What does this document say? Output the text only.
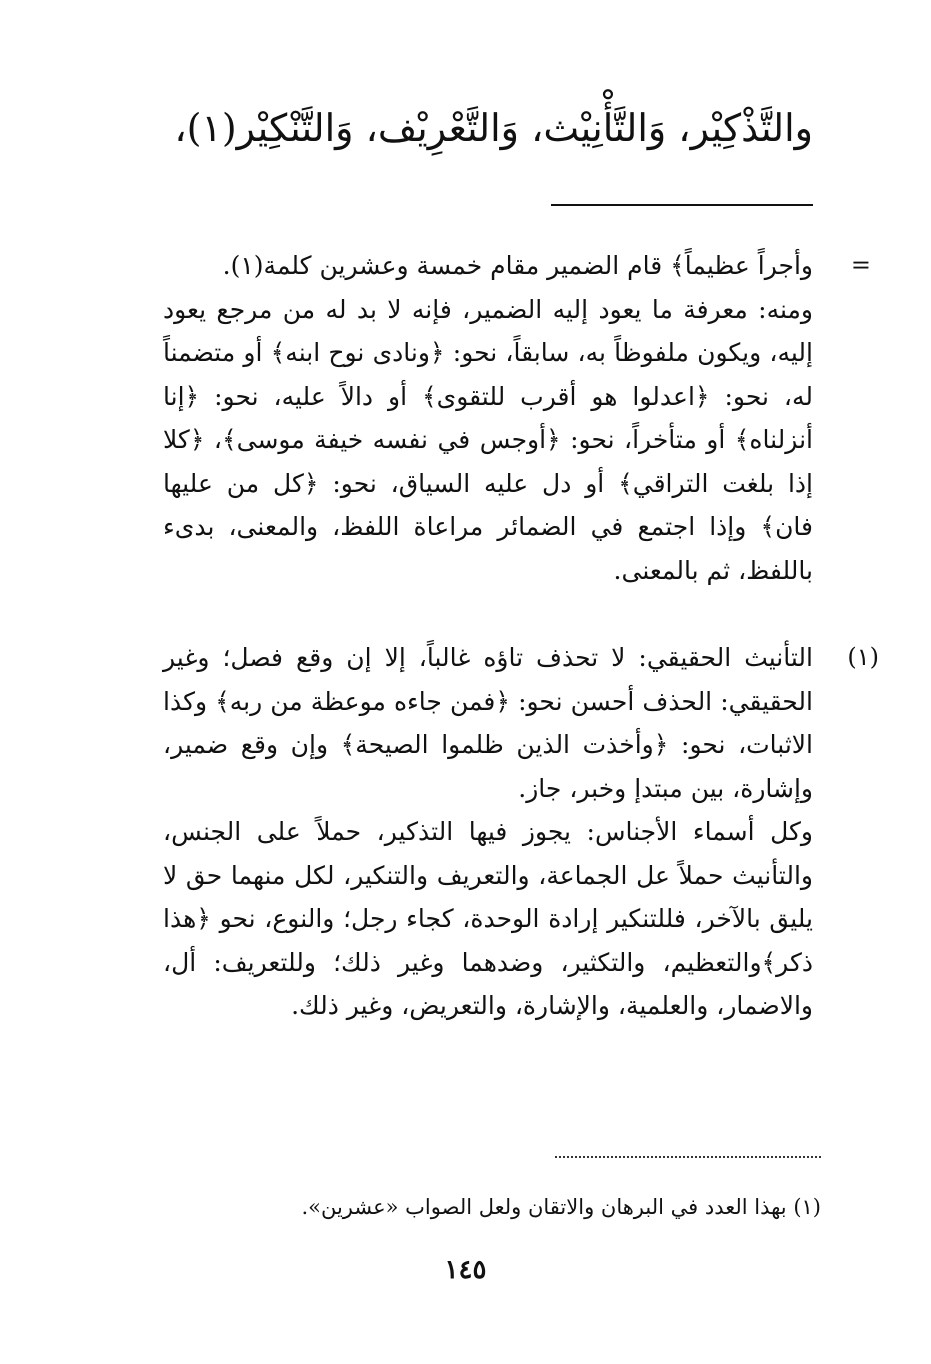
والتَّذْكِيْر، وَالتَّأْنِيْث، وَالتَّعْرِيْف، وَالتَّنْكِيْر(١)،
=

وأجراً عظيماً﴾ قام الضمير مقام خمسة وعشرين كلمة(١).

ومنه: معرفة ما يعود إليه الضمير، فإنه لا بد له من مرجع يعود إليه، ويكون ملفوظاً به، سابقاً، نحو: ﴿ونادى نوح ابنه﴾ أو متضمناً له، نحو: ﴿اعدلوا هو أقرب للتقوى﴾ أو دالاً عليه، نحو: ﴿إنا أنزلناه﴾ أو متأخراً، نحو: ﴿أوجس في نفسه خيفة موسى﴾، ﴿كلا إذا بلغت التراقي﴾ أو دل عليه السياق، نحو: ﴿كل من عليها فان﴾ وإذا اجتمع في الضمائر مراعاة اللفظ، والمعنى، بدىء باللفظ، ثم بالمعنى.

(١)

التأنيث الحقيقي: لا تحذف تاؤه غالباً، إلا إن وقع فصل؛ وغير الحقيقي: الحذف أحسن نحو: ﴿فمن جاءه موعظة من ربه﴾ وكذا الاثبات، نحو: ﴿وأخذت الذين ظلموا الصيحة﴾ وإن وقع ضمير، وإشارة، بين مبتدإ وخبر، جاز.

وكل أسماء الأجناس: يجوز فيها التذكير، حملاً على الجنس، والتأنيث حملاً عل الجماعة، والتعريف والتنكير، لكل منهما حق لا يليق بالآخر، فللتنكير إرادة الوحدة، كجاء رجل؛ والنوع، نحو ﴿هذا ذكر﴾والتعظيم، والتكثير، وضدهما وغير ذلك؛ وللتعريف: أل، والاضمار، والعلمية، والإشارة، والتعريض، وغير ذلك.

(١) بهذا العدد في البرهان والاتقان ولعل الصواب «عشرين».
١٤٥
